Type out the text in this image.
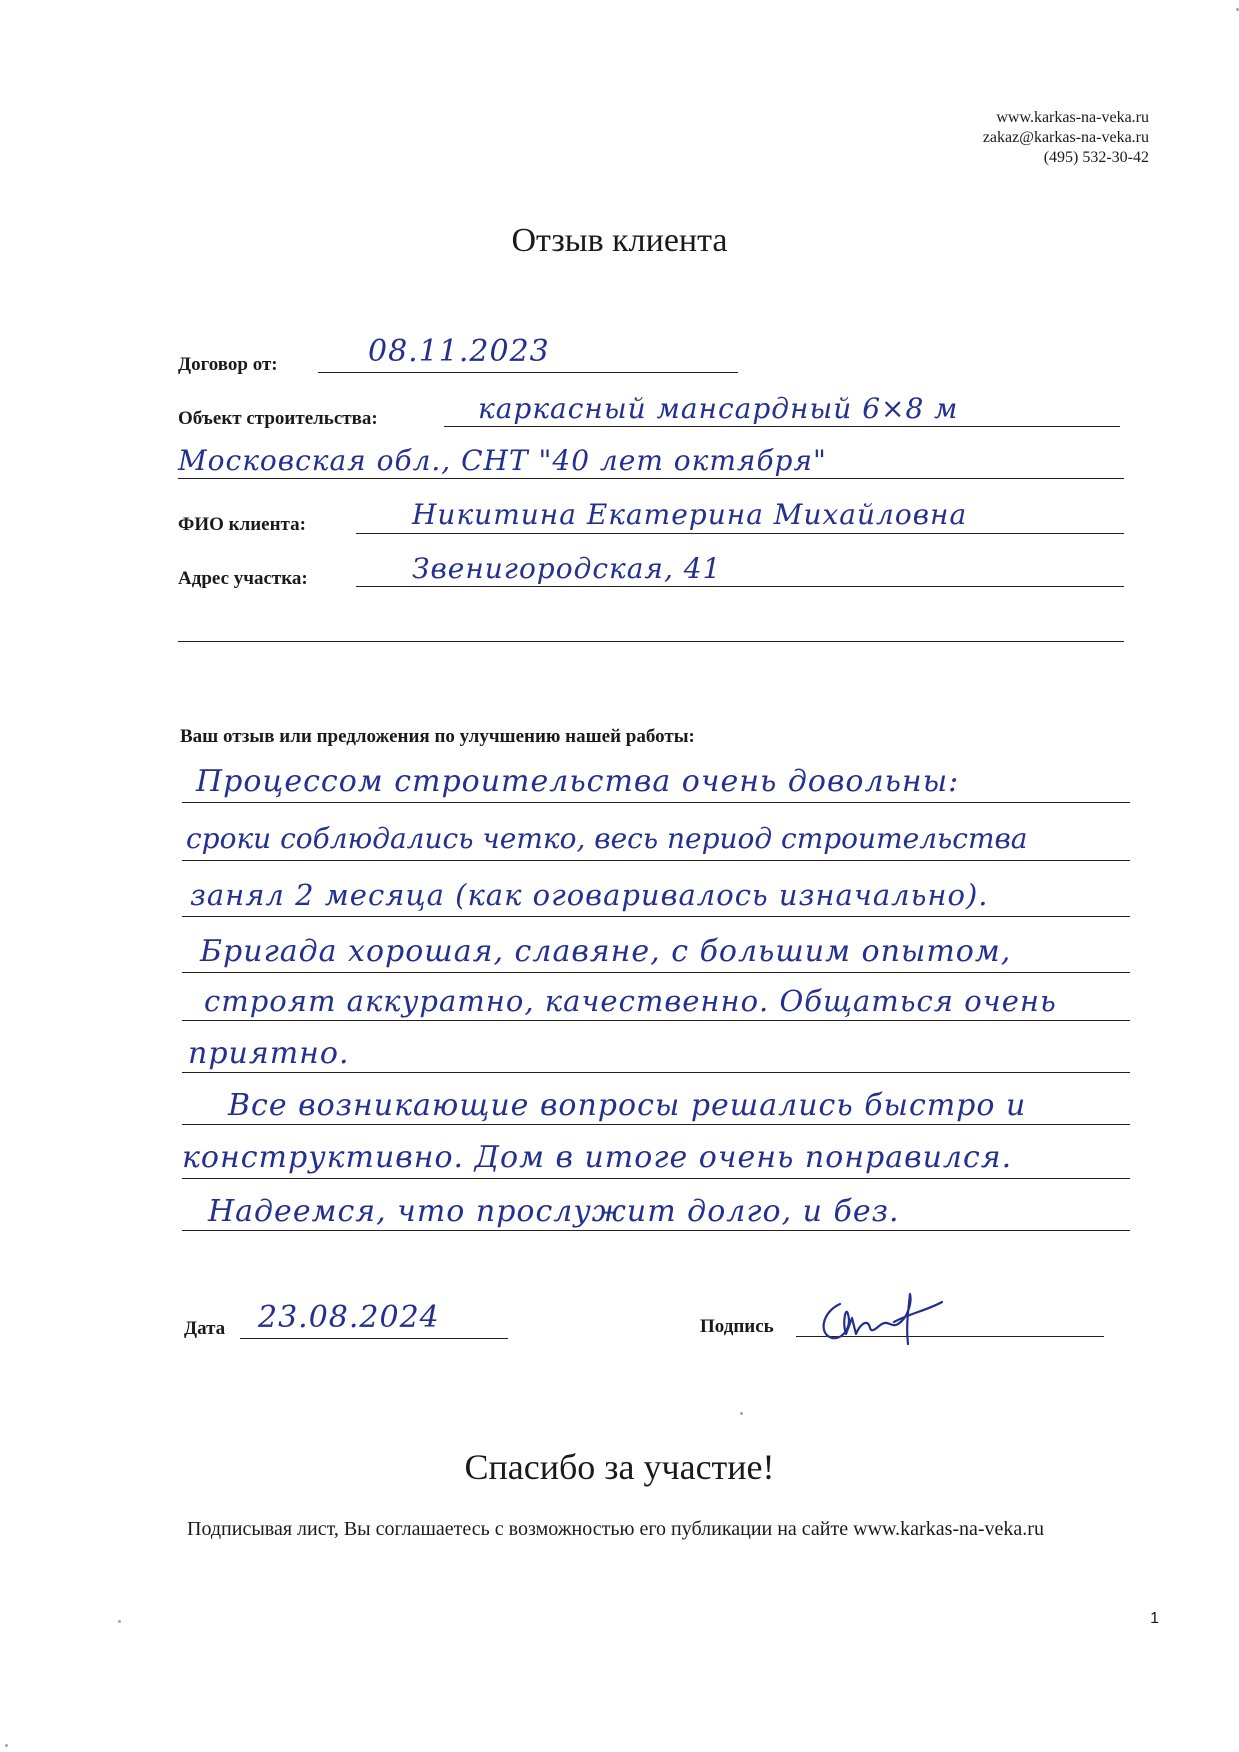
www.karkas-na-veka.ru
zakaz@karkas-na-veka.ru
(495) 532-30-42
Отзыв клиента
Договор от:	08.11.2023
Объект строительства:	каркасный мансардный 6×8 м
Московская обл., СНТ "40 лет октября"
ФИО клиента:	Никитина Екатерина Михайловна
Адрес участка:	Звенигородская, 41
Ваш отзыв или предложения по улучшению нашей работы:
Процессом строительства очень довольны:
сроки соблюдались четко, весь период строительства
занял 2 месяца (как оговаривалось изначально).
Бригада хорошая, славяне, с большим опытом,
строят аккуратно, качественно. Общаться очень
приятно.
Все возникающие вопросы решались быстро и
конструктивно. Дом в итоге очень понравился.
Надеемся, что прослужит долго, и без.
Дата 23.08.2024	Подпись
Спасибо за участие!
Подписывая лист, Вы соглашаетесь с возможностью его публикации на сайте www.karkas-na-veka.ru
1
